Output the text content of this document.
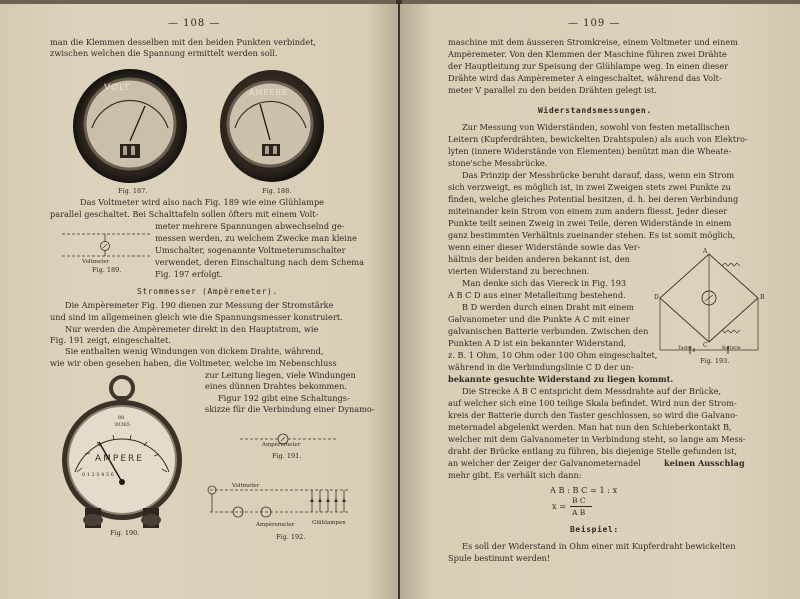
— 108 —
man die Klemmen desselben mit den beiden Punkten verbindet,
zwischen welchen die Spannung ermittelt werden soll.
VOLT	AMPERE
Fig. 187.	Fig. 188.
Das Voltmeter wird also nach Fig. 189 wie eine Glühlampe
parallel geschaltet. Bei Schalttafeln sollen öfters mit einem Volt-
meter mehrere Spannungen abwechselnd ge-
messen werden, zu welchem Zwecke man kleine
Umschalter, sogenannte Voltmeterumschalter
verwendet, deren Einschaltung nach dem Schema
Fig. 197 erfolgt.
Voltmeter
Fig. 189.
Strommesser (Ampèremeter).
Die Ampèremeter Fig. 190 dienen zur Messung der Stromstärke
und sind im allgemeinen gleich wie die Spannungsmesser konstruiert.
Nur werden die Ampèremeter direkt in den Hauptstrom, wie
Fig. 191 zeigt, eingeschaltet.
Sie enthalten wenig Windungen von dickem Drahte, während,
wie wir oben gesehen haben, die Voltmeter, welche im Nebenschluss
zur Leitung liegen, viele Windungen
eines dünnen Drahtes bekommen.
Figur 192 gibt eine Schaltungs-
skizze für die Verbindung einer Dynamo-
88
30365
AMPERE
0 1 2 3 4 5 6
Fig. 190.
Ampèremeter
Fig. 191.
Voltmeter
Ampèremeter	Glühlampen
Fig. 192.
— 109 —
maschine mit dem äusseren Stromkreise, einem Voltmeter und einem
Ampèremeter. Von den Klemmen der Maschine führen zwei Drähte
der Hauptleitung zur Speisung der Glühlampe weg. In einen dieser
Drähte wird das Ampèremeter A eingeschaltet, während das Volt-
meter V parallel zu den beiden Drähten gelegt ist.
Widerstandsmessungen.
Zur Messung von Widerständen, sowohl von festen metallischen
Leitern (Kupferdrähten, bewickelten Drahtspulen) als auch von Elektro-
lyten (innere Widerstände von Elementen) benützt man die Wheate-
stone'sche Messbrücke.
Das Prinzip der Messbrücke beruht darauf, dass, wenn ein Strom
sich verzweigt, es möglich ist, in zwei Zweigen stets zwei Punkte zu
finden, welche gleiches Potential besitzen, d. h. bei deren Verbindung
miteinander kein Strom von einem zum andern fliesst. Jeder dieser
Punkte teilt seinen Zweig in zwei Teile, deren Widerstände in einem
ganz bestimmten Verhältnis zueinander stehen. Es ist somit möglich,
wenn einer dieser Widerstände sowie das Ver-
hältnis der beiden anderen bekannt ist, den
vierten Widerstand zu berechnen.
Man denke sich das Viereck in Fig. 193
A B C D aus einer Metalleitung bestehend.
B D werden durch einen Draht mit einem
Galvanometer und die Punkte A C mit einer
galvanischen Batterie verbunden. Zwischen den
Punkten A D ist ein bekannter Widerstand,
z. B. 1 Ohm, 10 Ohm oder 100 Ohm eingeschaltet,
während in die Verbindungslinie C D der un-
bekannte gesuchte Widerstand zu liegen kommt.
A
B
C
D
Taster	Batterie
Fig. 193.
Die Strecke A B C entspricht dem Messdrahte auf der Brücke,
auf welcher sich eine 100 teilige Skala befindet. Wird nun der Strom-
kreis der Batterie durch den Taster geschlossen, so wird die Galvano-
meternadel abgelenkt werden. Man hat nun den Schieberkontakt B,
welcher mit dem Galvanometer in Verbindung steht, so lange am Mess-
draht der Brücke entlang zu führen, bis diejenige Stelle gefunden ist,
an welcher der Zeiger der Galvanometernadel	keinen Ausschlag
mehr gibt. Es verhält sich dann:
A B : B C = 1 : x
x =
B C
A B
Beispiel:
Es soll der Widerstand in Ohm einer mit Kupferdraht bewickelten
Spule bestimmt werden!
